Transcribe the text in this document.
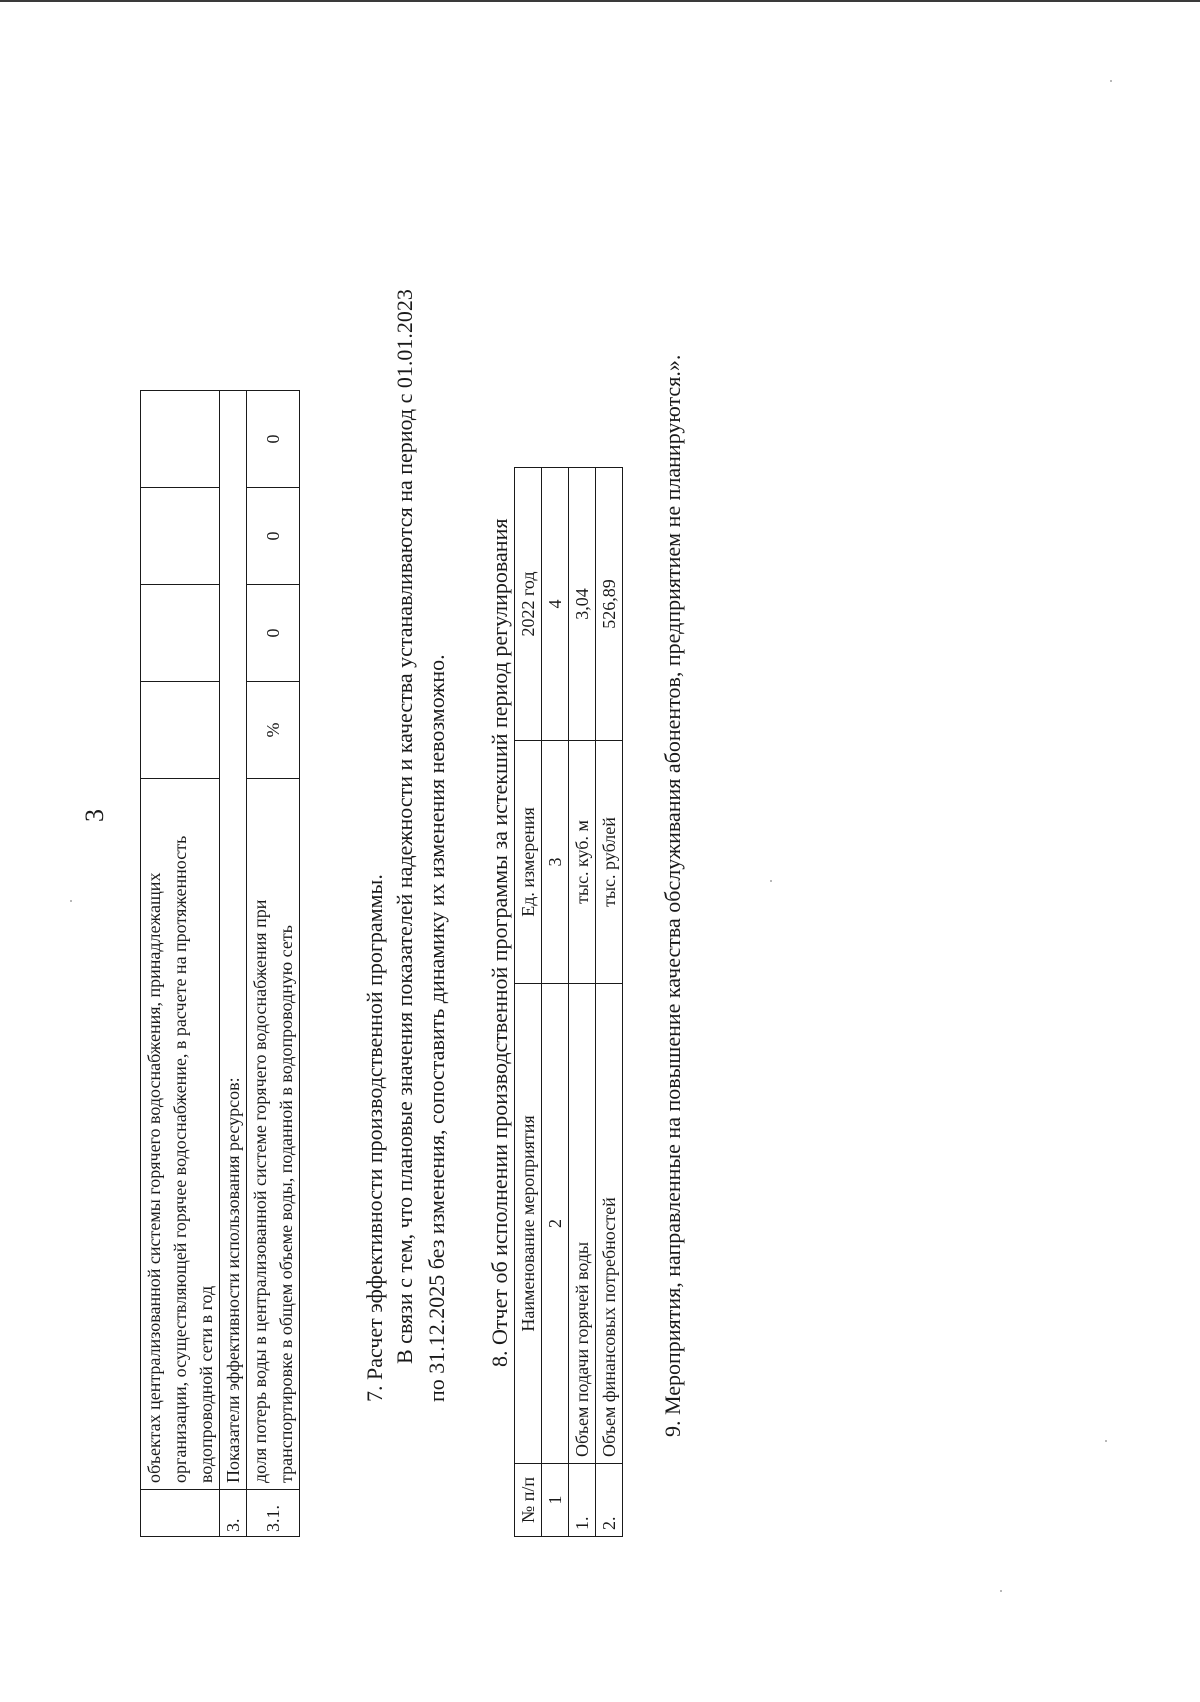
3

	объектах централизованной системы горячего водоснабжения, принадлежащих организации, осуществляющей горячее водоснабжение, в расчете на протяженность водопроводной сети в год				

3.	Показатели эффективности использования ресурсов:				
3.1.	доля потерь воды в централизованной системе горячего водоснабжения при транспортировке в общем объеме воды, поданной в водопроводную сеть	%	0	0	0
7. Расчет эффективности производственной программы. В связи с тем, что плановые значения показателей надежности и качества устанавливаются на период с 01.01.2023 по 31.12.2025 без изменения, сопоставить динамику их изменения невозможно. 8. Отчет об исполнении производственной программы за истекший период регулирования
№ п/п	Наименование мероприятия	Ед. измерения	2022 год
1	2	3	4
1.	Объем подачи горячей воды	тыс. куб. м	3,04
2.	Объем финансовых потребностей	тыс. рублей	526,89 9. Мероприятия, направленные на повышение качества обслуживания абонентов, предприятием не планируются.».
